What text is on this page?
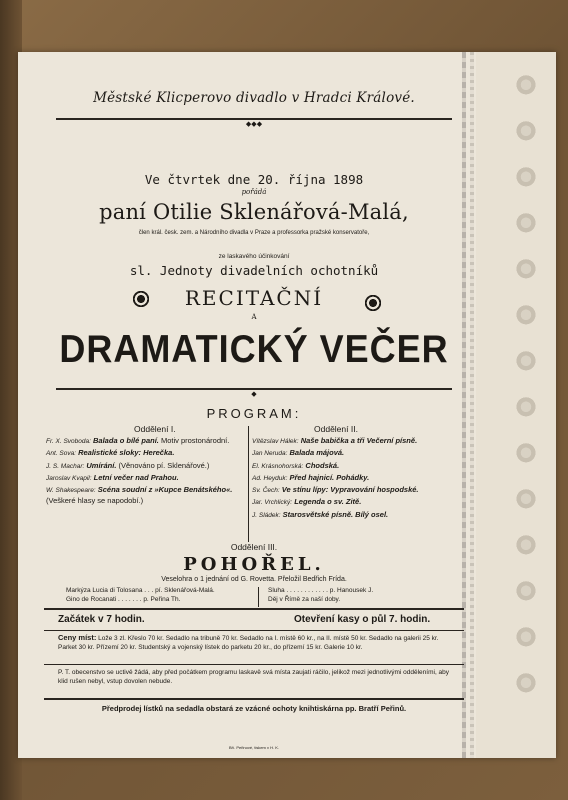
Městské Klicperovo divadlo v Hradci Králové.
◆◆◆
Ve čtvrtek dne 20. října 1898
pořádá
paní Otilie Sklenářová-Malá,
člen král. česk. zem. a Národního divadla v Praze a professorka pražské konservatoře,
ze laskavého účinkování
sl. Jednoty divadelních ochotníků
RECITAČNÍ
A
DRAMATICKÝ VEČER
◆
PROGRAM:
Oddělení I.	Oddělení II.
Fr. X. Svoboda: Balada o bílé paní. Motiv prostonárodní.
Ant. Sova: Realistické sloky: Herečka.
J. S. Machar: Umírání. (Věnováno pí. Sklenářové.)
Jaroslav Kvapil: Letní večer nad Prahou.
W. Shakespeare: Scéna soudní z »Kupce Benátského«. (Veškeré hlasy se napodobí.)
Vítězslav Hálek: Naše babička a tři Večerní písně.
Jan Neruda: Balada májová.
El. Krásnohorská: Chodská.
Ad. Heyduk: Před hajnicí. Pohádky.
Sv. Čech: Ve stínu lípy: Vypravování hospodské.
Jar. Vrchlický: Legenda o sv. Zitě.
J. Sládek: Starosvětské písně. Bílý osel.
Oddělení III.
POHOŘEL.
Veselohra o 1 jednání od G. Rovetta. Přeložil Bedřich Frída.
Markýza Lucia di Tolosana . . . pí. Sklenářová-Malá.
Gino de Rocanati . . . . . . . p. Peřina Th.
Sluha . . . . . . . . . . . . p. Hanousek J.
Děj v Římě za naší doby.
Začátek v 7 hodin.	Otevření kasy o půl 7. hodin.
Ceny míst: Lože 3 zl. Křeslo 70 kr. Sedadlo na tribuně 70 kr. Sedadlo na I. místě 60 kr., na II. místě 50 kr. Sedadlo na galerii 25 kr. Parket 30 kr. Přízemí 20 kr. Studentský a vojenský lístek do parketu 20 kr., do přízemí 15 kr. Galerie 10 kr.
P. T. obecenstvo se uctivě žádá, aby před počátkem programu laskavě svá místa zaujati ráčilo, jelikož mezi jednotlivými odděleními, aby klid rušen nebyl, vstup dovolen nebude.
Předprodej lístků na sedadla obstará ze vzácné ochoty knihtiskárna pp. Bratří Peřinů.
Bří. Peřinové, tiskem v H. K.
